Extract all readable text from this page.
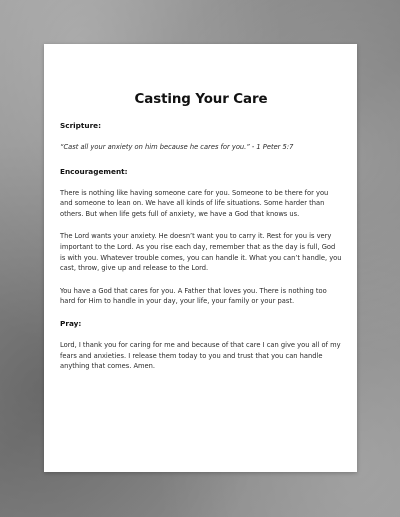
Casting Your Care
Scripture:
“Cast all your anxiety on him because he cares for you.” - 1 Peter 5:7
Encouragement:
There is nothing like having someone care for you. Someone to be there for you and someone to lean on. We have all kinds of life situations. Some harder than others. But when life gets full of anxiety, we have a God that knows us.
The Lord wants your anxiety. He doesn’t want you to carry it. Rest for you is very important to the Lord. As you rise each day, remember that as the day is full, God is with you. Whatever trouble comes, you can handle it. What you can’t handle, you cast, throw, give up and release to the Lord.
You have a God that cares for you. A Father that loves you. There is nothing too hard for Him to handle in your day, your life, your family or your past.
Pray:
Lord, I thank you for caring for me and because of that care I can give you all of my fears and anxieties. I release them today to you and trust that you can handle anything that comes. Amen.
